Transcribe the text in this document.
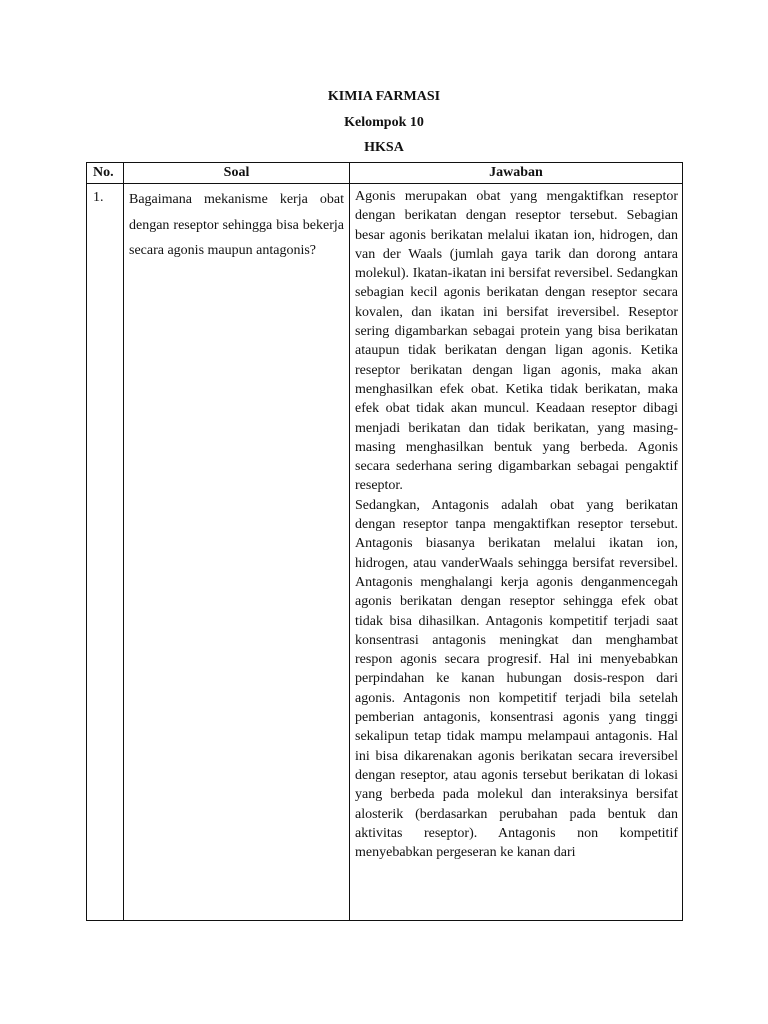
KIMIA FARMASI
Kelompok 10
HKSA
No.	Soal	Jawaban
1.	Bagaimana mekanisme kerja obat dengan reseptor sehingga bisa bekerja secara agonis maupun antagonis?	Agonis merupakan obat yang mengaktifkan reseptor dengan berikatan dengan reseptor tersebut. Sebagian besar agonis berikatan melalui ikatan ion, hidrogen, dan van der Waals (jumlah gaya tarik dan dorong antara molekul). Ikatan-ikatan ini bersifat reversibel. Sedangkan sebagian kecil agonis berikatan dengan reseptor secara kovalen, dan ikatan ini bersifat ireversibel. Reseptor sering digambarkan sebagai protein yang bisa berikatan ataupun tidak berikatan dengan ligan agonis. Ketika reseptor berikatan dengan ligan agonis, maka akan menghasilkan efek obat. Ketika tidak berikatan, maka efek obat tidak akan muncul. Keadaan reseptor dibagi menjadi berikatan dan tidak berikatan, yang masing-masing menghasilkan bentuk yang berbeda. Agonis secara sederhana sering digambarkan sebagai pengaktif reseptor.

Sedangkan, Antagonis adalah obat yang berikatan dengan reseptor tanpa mengaktifkan reseptor tersebut. Antagonis biasanya berikatan melalui ikatan ion, hidrogen, atau vanderWaals sehingga bersifat reversibel. Antagonis menghalangi kerja agonis denganmencegah agonis berikatan dengan reseptor sehingga efek obat tidak bisa dihasilkan. Antagonis kompetitif terjadi saat konsentrasi antagonis meningkat dan menghambat respon agonis secara progresif. Hal ini menyebabkan perpindahan ke kanan hubungan dosis-respon dari agonis. Antagonis non kompetitif terjadi bila setelah pemberian antagonis, konsentrasi agonis yang tinggi sekalipun tetap tidak mampu melampaui antagonis. Hal ini bisa dikarenakan agonis berikatan secara ireversibel dengan reseptor, atau agonis tersebut berikatan di lokasi yang berbeda pada molekul dan interaksinya bersifat alosterik (berdasarkan perubahan pada bentuk dan aktivitas reseptor). Antagonis non kompetitif menyebabkan pergeseran ke kanan dari
